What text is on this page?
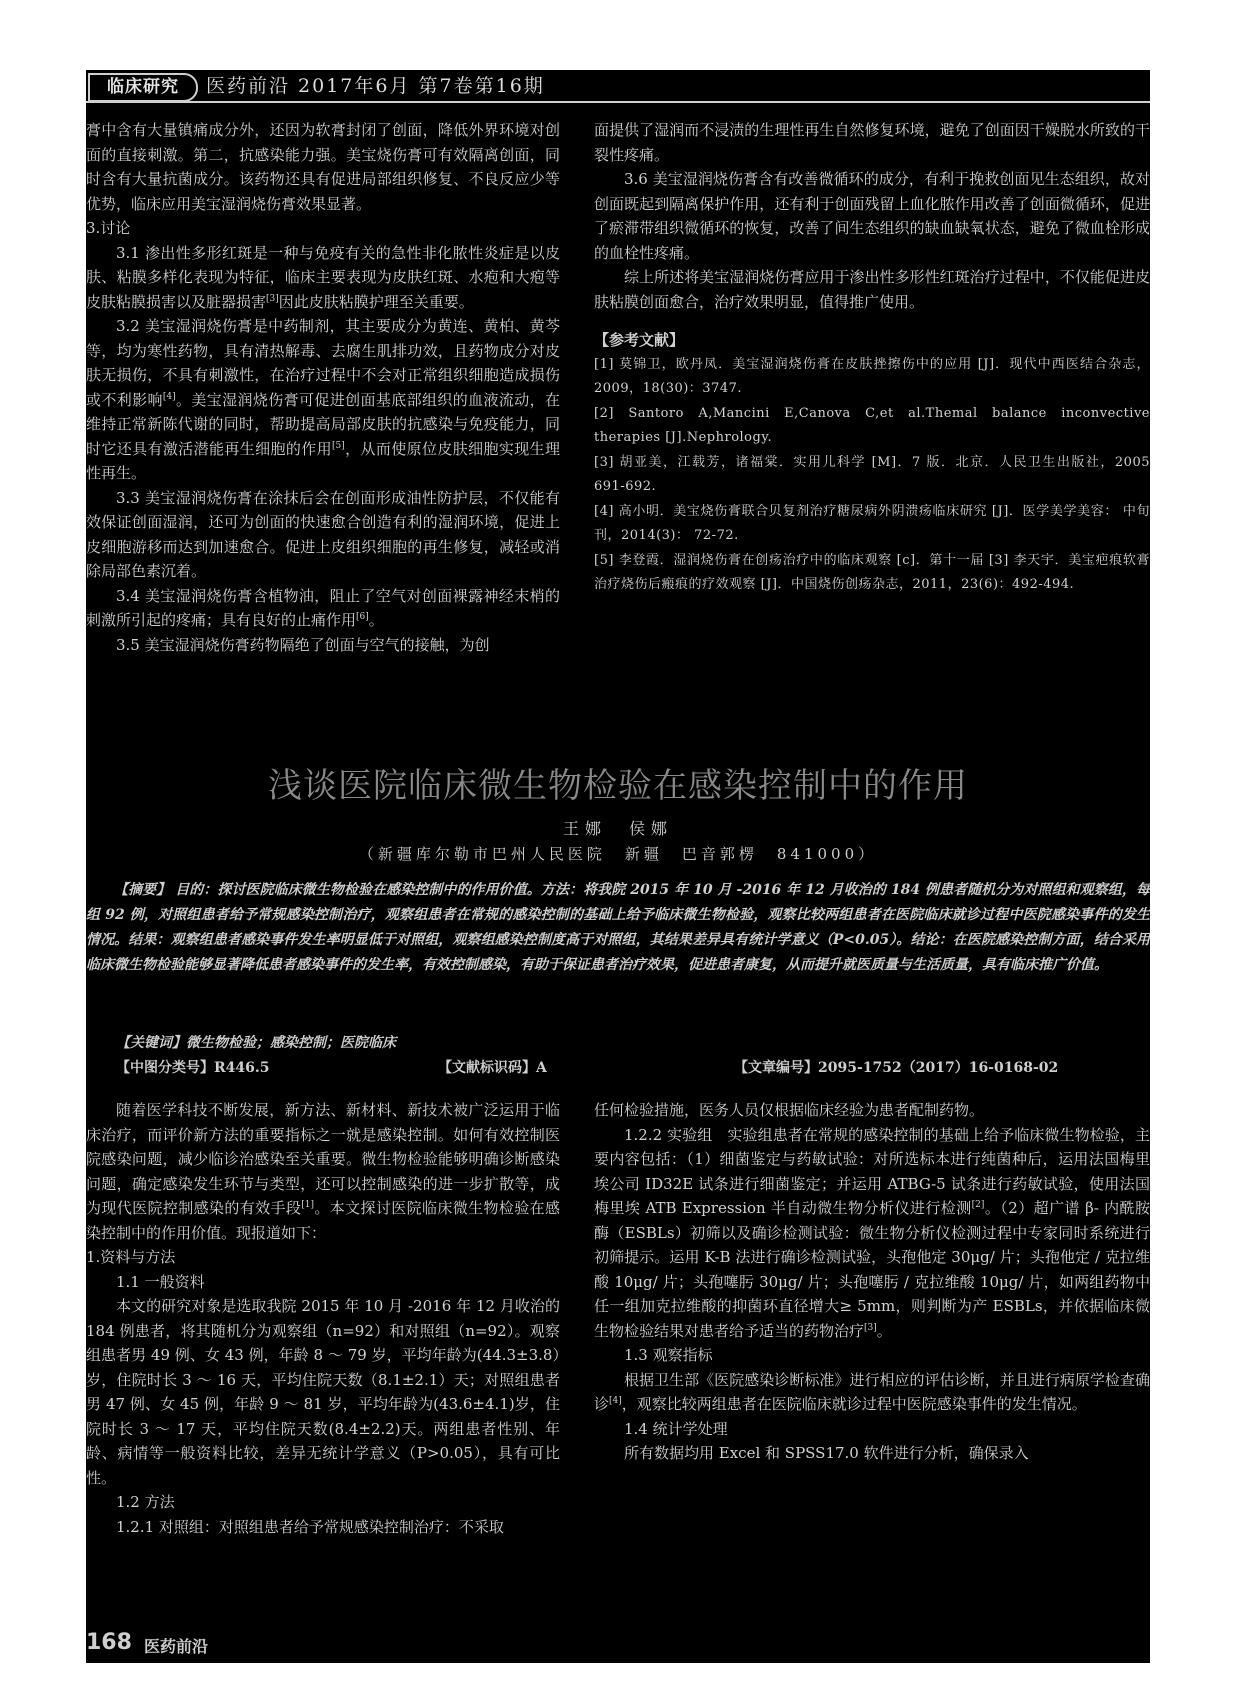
临床研究	医药前沿 2017年6月 第7卷第16期

膏中含有大量镇痛成分外，还因为软膏封闭了创面，降低外界环境对创面的直接刺激。第二，抗感染能力强。美宝烧伤膏可有效隔离创面，同时含有大量抗菌成分。该药物还具有促进局部组织修复、不良反应少等优势，临床应用美宝湿润烧伤膏效果显著。

3.讨论

3.1 渗出性多形红斑是一种与免疫有关的急性非化脓性炎症是以皮肤、粘膜多样化表现为特征，临床主要表现为皮肤红斑、水疱和大疱等皮肤粘膜损害以及脏器损害[3]因此皮肤粘膜护理至关重要。

3.2 美宝湿润烧伤膏是中药制剂，其主要成分为黄连、黄柏、黄芩等，均为寒性药物，具有清热解毒、去腐生肌排功效，且药物成分对皮肤无损伤，不具有刺激性，在治疗过程中不会对正常组织细胞造成损伤或不利影响[4]。美宝湿润烧伤膏可促进创面基底部组织的血液流动，在维持正常新陈代谢的同时，帮助提高局部皮肤的抗感染与免疫能力，同时它还具有激活潜能再生细胞的作用[5]，从而使原位皮肤细胞实现生理性再生。

3.3 美宝湿润烧伤膏在涂抹后会在创面形成油性防护层，不仅能有效保证创面湿润，还可为创面的快速愈合创造有利的湿润环境，促进上皮细胞游移而达到加速愈合。促进上皮组织细胞的再生修复，减轻或消除局部色素沉着。

3.4 美宝湿润烧伤膏含植物油，阻止了空气对创面裸露神经末梢的刺激所引起的疼痛；具有良好的止痛作用[6]。

3.5 美宝湿润烧伤膏药物隔绝了创面与空气的接触，为创

面提供了湿润而不浸渍的生理性再生自然修复环境，避免了创面因干燥脱水所致的干裂性疼痛。

3.6 美宝湿润烧伤膏含有改善微循环的成分，有利于挽救创面见生态组织，故对创面既起到隔离保护作用，还有利于创面残留上血化脓作用改善了创面微循环，促进了瘀滞带组织微循环的恢复，改善了间生态组织的缺血缺氧状态，避免了微血栓形成的血栓性疼痛。

综上所述将美宝湿润烧伤膏应用于渗出性多形性红斑治疗过程中，不仅能促进皮肤粘膜创面愈合，治疗效果明显，值得推广使用。

【参考文献】

[1] 莫锦卫，欧丹凤．美宝湿润烧伤膏在皮肤挫擦伤中的应用 [J]．现代中西医结合杂志，2009，18(30)：3747.

[2] Santoro A,Mancini E,Canova C,et al.Themal balance inconvective therapies [J].Nephrology.

[3] 胡亚美，江载芳，诸福棠．实用儿科学 [M]．7 版．北京．人民卫生出版社，2005 691-692.

[4] 高小明．美宝烧伤膏联合贝复剂治疗糖尿病外阴溃疡临床研究 [J]．医学美学美容： 中旬刊，2014(3)： 72-72.

[5] 李登霞．湿润烧伤膏在创疡治疗中的临床观察 [c]．第十一届 [3] 李天宇．美宝疤痕软膏治疗烧伤后瘢痕的疗效观察 [J]．中国烧伤创疡杂志，2011，23(6)：492-494.

浅谈医院临床微生物检验在感染控制中的作用
王娜　侯娜
（新疆库尔勒市巴州人民医院　新疆　巴音郭楞　841000）

【摘要】 目的：探讨医院临床微生物检验在感染控制中的作用价值。方法：将我院 2015 年 10 月 -2016 年 12 月收治的 184 例患者随机分为对照组和观察组，每组 92 例，对照组患者给予常规感染控制治疗，观察组患者在常规的感染控制的基础上给予临床微生物检验，观察比较两组患者在医院临床就诊过程中医院感染事件的发生情况。结果：观察组患者感染事件发生率明显低于对照组，观察组感染控制度高于对照组，其结果差异具有统计学意义（P<0.05）。结论：在医院感染控制方面，结合采用临床微生物检验能够显著降低患者感染事件的发生率，有效控制感染，有助于保证患者治疗效果，促进患者康复，从而提升就医质量与生活质量，具有临床推广价值。

【关键词】微生物检验；感染控制；医院临床
【中图分类号】R446.5	【文献标识码】A	【文章编号】2095-1752（2017）16-0168-02

随着医学科技不断发展，新方法、新材料、新技术被广泛运用于临床治疗，而评价新方法的重要指标之一就是感染控制。如何有效控制医院感染问题，减少临诊治感染至关重要。微生物检验能够明确诊断感染问题，确定感染发生环节与类型，还可以控制感染的进一步扩散等，成为现代医院控制感染的有效手段[1]。本文探讨医院临床微生物检验在感染控制中的作用价值。现报道如下：

1.资料与方法

1.1 一般资料

本文的研究对象是选取我院 2015 年 10 月 -2016 年 12 月收治的 184 例患者，将其随机分为观察组（n=92）和对照组（n=92）。观察组患者男 49 例、女 43 例，年龄 8 ～ 79 岁，平均年龄为(44.3±3.8）岁，住院时长 3 ～ 16 天，平均住院天数（8.1±2.1）天；对照组患者男 47 例、女 45 例，年龄 9 ～ 81 岁，平均年龄为(43.6±4.1)岁，住院时长 3 ～ 17 天，平均住院天数(8.4±2.2)天。两组患者性别、年龄、病情等一般资料比较，差异无统计学意义（P>0.05），具有可比性。

1.2 方法

1.2.1 对照组：对照组患者给予常规感染控制治疗：不采取

任何检验措施，医务人员仅根据临床经验为患者配制药物。

1.2.2 实验组　实验组患者在常规的感染控制的基础上给予临床微生物检验，主要内容包括：（1）细菌鉴定与药敏试验：对所选标本进行纯菌种后，运用法国梅里埃公司 ID32E 试条进行细菌鉴定；并运用 ATBG-5 试条进行药敏试验，使用法国梅里埃 ATB Expression 半自动微生物分析仪进行检测[2]。（2）超广谱 β- 内酰胺酶（ESBLs）初筛以及确诊检测试验：微生物分析仪检测过程中专家同时系统进行初筛提示。运用 K-B 法进行确诊检测试验，头孢他定 30μg/ 片；头孢他定 / 克拉维酸 10μg/ 片；头孢噻肟 30μg/ 片；头孢噻肟 / 克拉维酸 10μg/ 片，如两组药物中任一组加克拉维酸的抑菌环直径增大≥ 5mm，则判断为产 ESBLs，并依据临床微生物检验结果对患者给予适当的药物治疗[3]。

1.3 观察指标

根据卫生部《医院感染诊断标准》进行相应的评估诊断，并且进行病原学检查确诊[4]，观察比较两组患者在医院临床就诊过程中医院感染事件的发生情况。

1.4 统计学处理

所有数据均用 Excel 和 SPSS17.0 软件进行分析，确保录入

168 医药前沿
